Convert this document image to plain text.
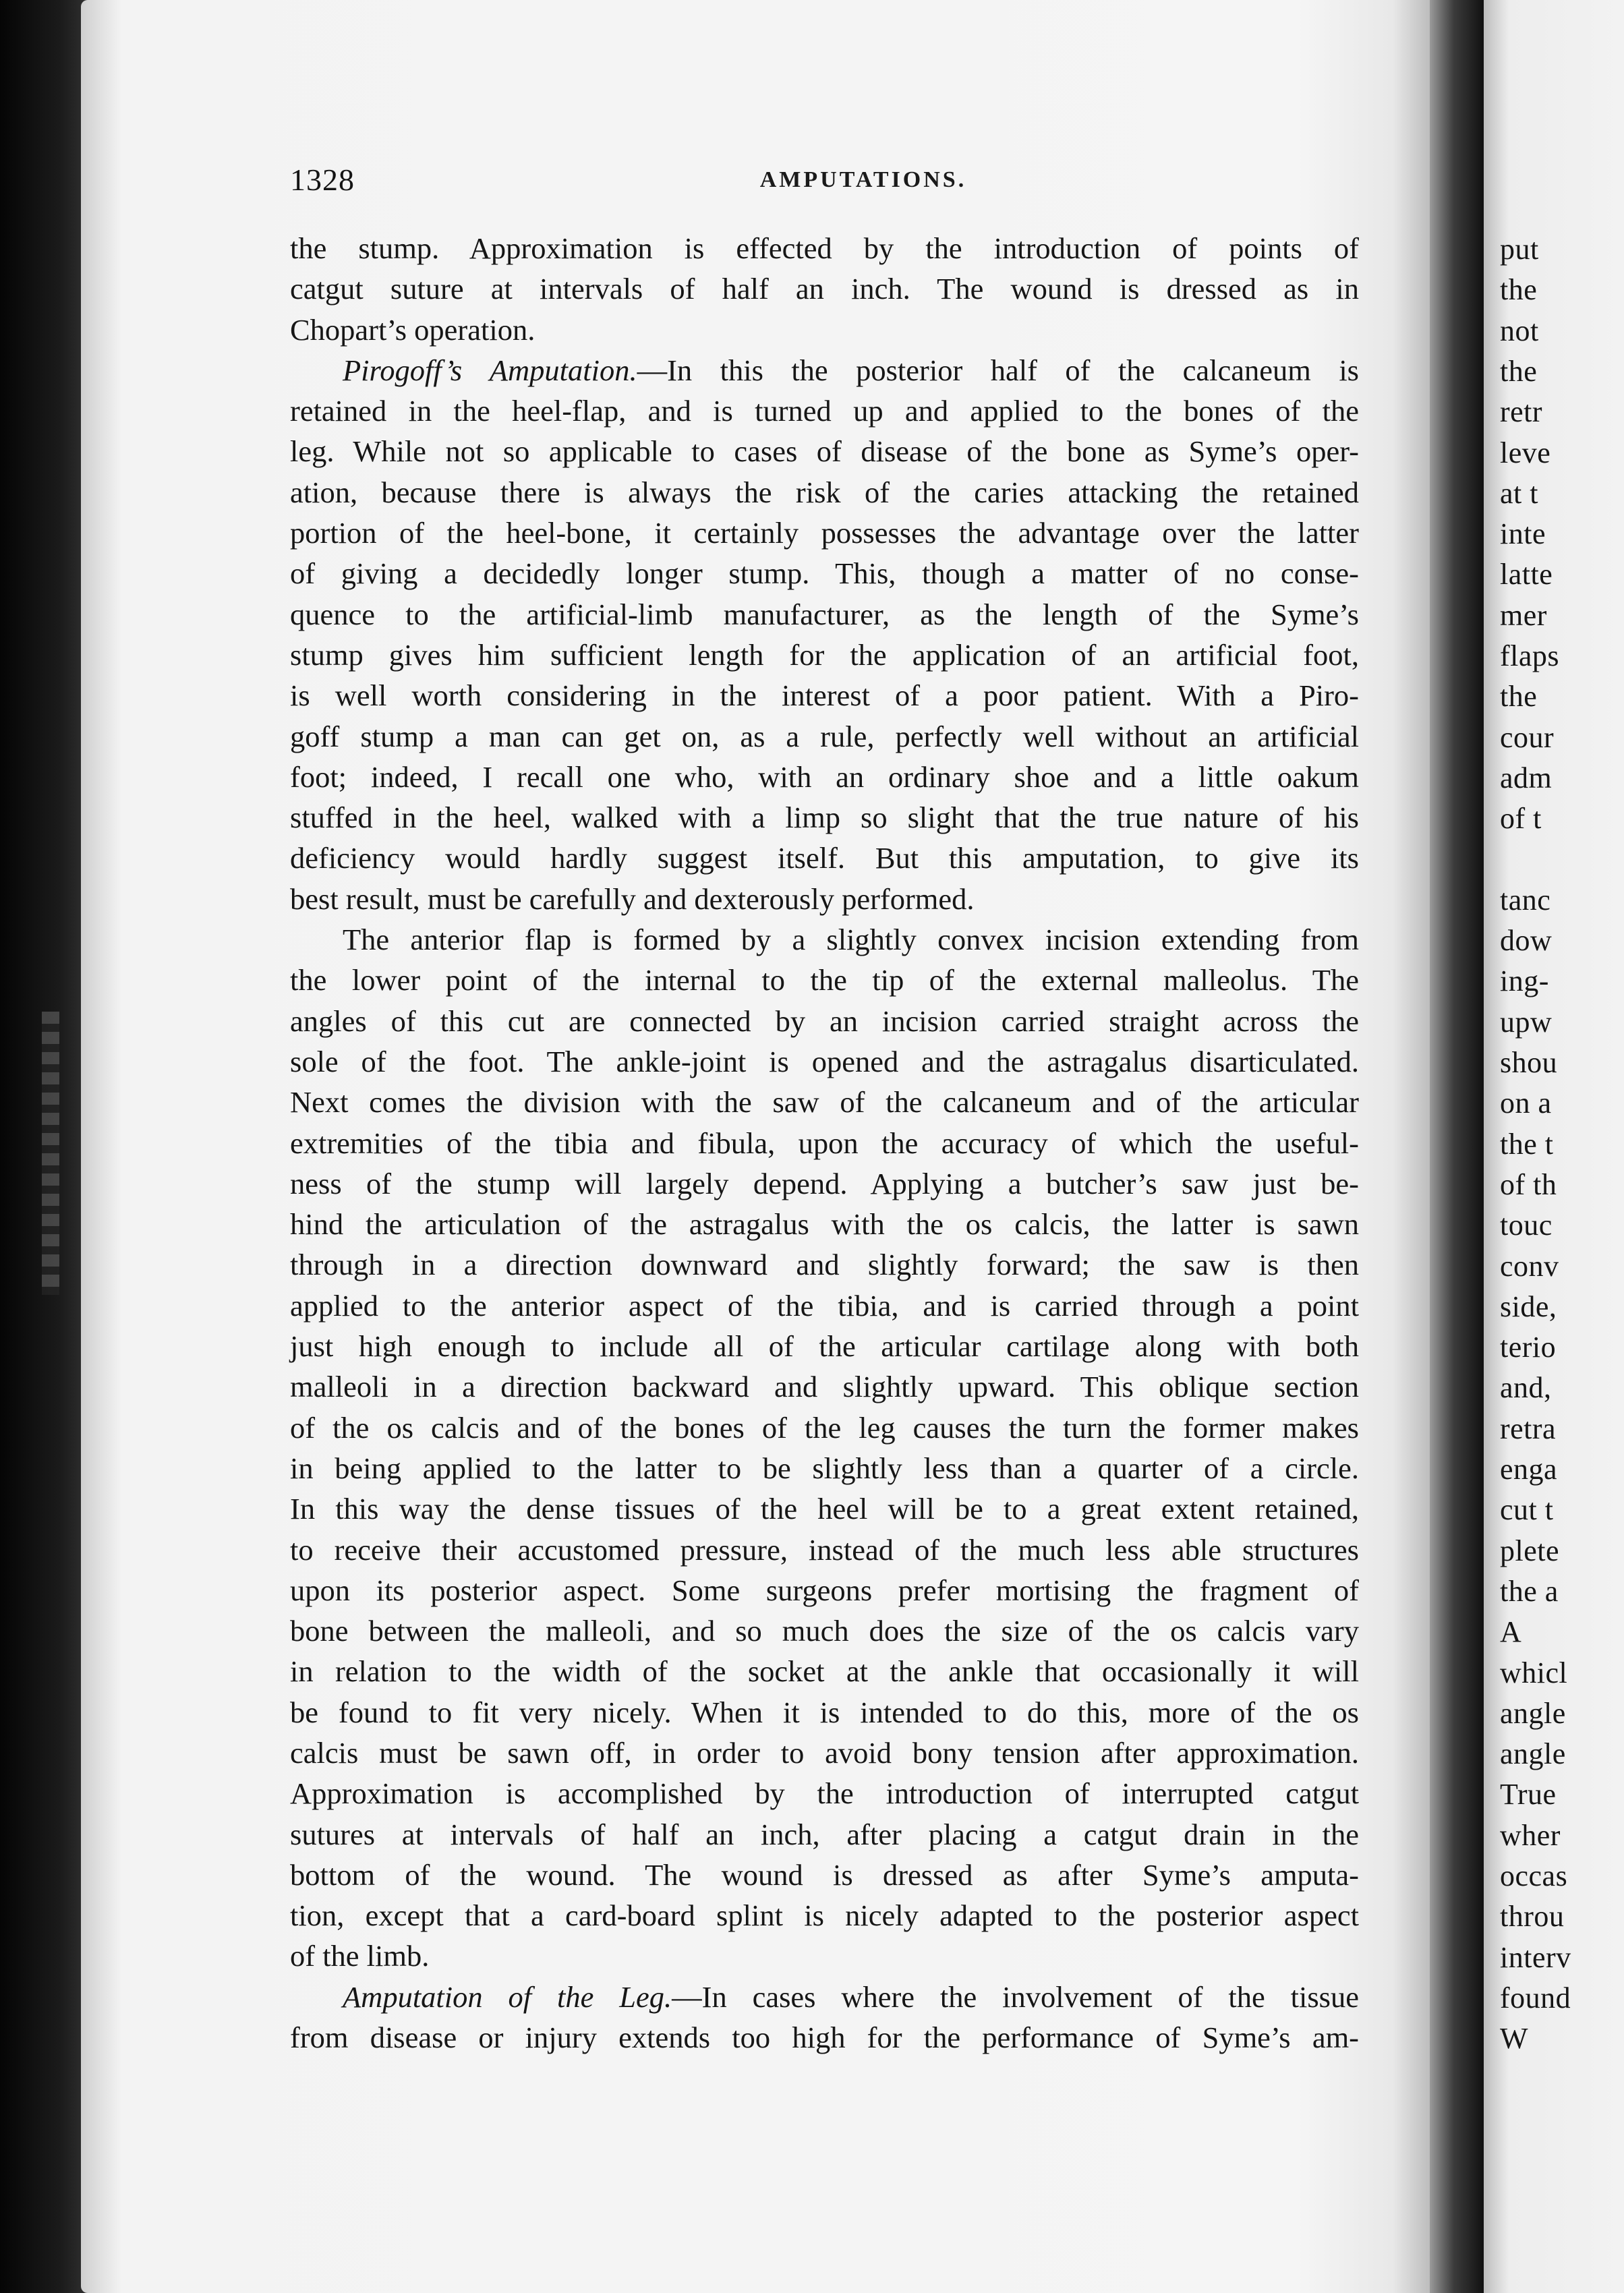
1328	AMPUTATIONS.
the stump. Approximation is effected by the introduction of points of
catgut suture at intervals of half an inch. The wound is dressed as in
Chopart’s operation.
Pirogoff’s Amputation.—In this the posterior half of the calcaneum is
retained in the heel-flap, and is turned up and applied to the bones of the
leg. While not so applicable to cases of disease of the bone as Syme’s oper-
ation, because there is always the risk of the caries attacking the retained
portion of the heel-bone, it certainly possesses the advantage over the latter
of giving a decidedly longer stump. This, though a matter of no conse-
quence to the artificial-limb manufacturer, as the length of the Syme’s
stump gives him sufficient length for the application of an artificial foot,
is well worth considering in the interest of a poor patient. With a Piro-
goff stump a man can get on, as a rule, perfectly well without an artificial
foot; indeed, I recall one who, with an ordinary shoe and a little oakum
stuffed in the heel, walked with a limp so slight that the true nature of his
deficiency would hardly suggest itself. But this amputation, to give its
best result, must be carefully and dexterously performed.
The anterior flap is formed by a slightly convex incision extending from
the lower point of the internal to the tip of the external malleolus. The
angles of this cut are connected by an incision carried straight across the
sole of the foot. The ankle-joint is opened and the astragalus disarticulated.
Next comes the division with the saw of the calcaneum and of the articular
extremities of the tibia and fibula, upon the accuracy of which the useful-
ness of the stump will largely depend. Applying a butcher’s saw just be-
hind the articulation of the astragalus with the os calcis, the latter is sawn
through in a direction downward and slightly forward; the saw is then
applied to the anterior aspect of the tibia, and is carried through a point
just high enough to include all of the articular cartilage along with both
malleoli in a direction backward and slightly upward. This oblique section
of the os calcis and of the bones of the leg causes the turn the former makes
in being applied to the latter to be slightly less than a quarter of a circle.
In this way the dense tissues of the heel will be to a great extent retained,
to receive their accustomed pressure, instead of the much less able structures
upon its posterior aspect. Some surgeons prefer mortising the fragment of
bone between the malleoli, and so much does the size of the os calcis vary
in relation to the width of the socket at the ankle that occasionally it will
be found to fit very nicely. When it is intended to do this, more of the os
calcis must be sawn off, in order to avoid bony tension after approximation.
Approximation is accomplished by the introduction of interrupted catgut
sutures at intervals of half an inch, after placing a catgut drain in the
bottom of the wound. The wound is dressed as after Syme’s amputa-
tion, except that a card-board splint is nicely adapted to the posterior aspect
of the limb.
Amputation of the Leg.—In cases where the involvement of the tissue
from disease or injury extends too high for the performance of Syme’s am-
put
the
not
the
retr
leve
at t
inte
latte
mer
flaps
the
cour
adm
of t
tanc
dow
ing-
upw
shou
on a
the t
of th
touc
conv
side,
terio
and,
retra
enga
cut t
plete
the a
A
whicl
angle
angle
True
wher
occas
throu
interv
found
W
